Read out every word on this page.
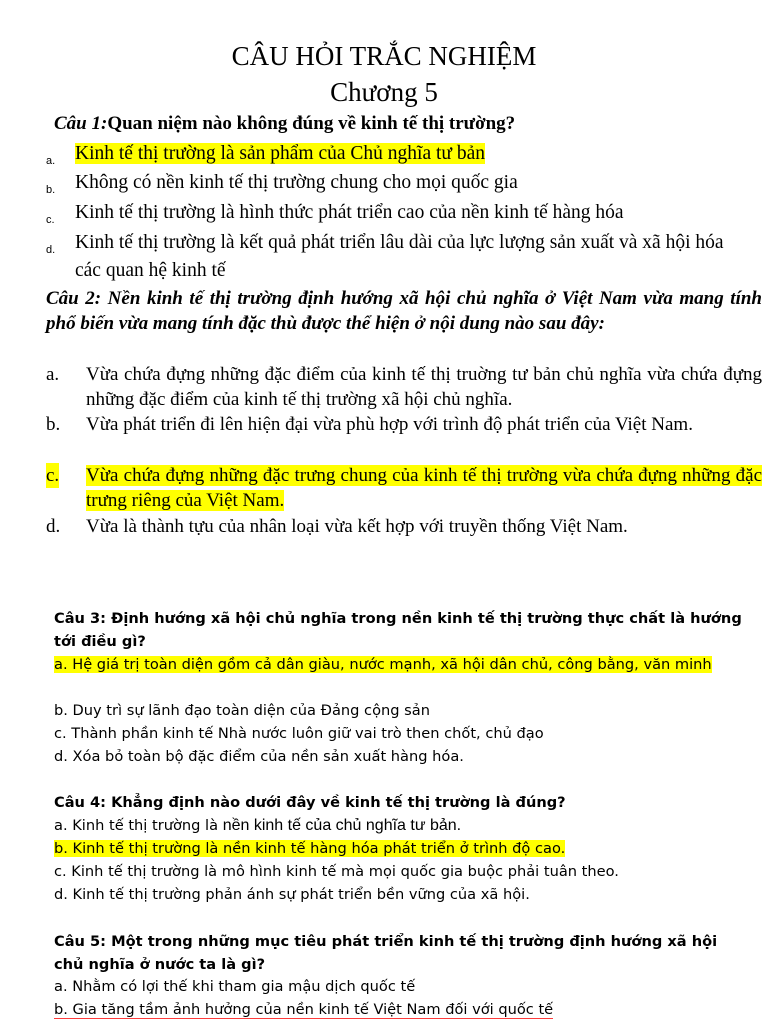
CÂU HỎI TRẮC NGHIỆM
Chương 5
Câu 1:Quan niệm nào không đúng về kinh tế thị trường?
a. Kinh tế thị trường là sản phẩm của Chủ nghĩa tư bản
b. Không có nền kinh tế thị trường chung cho mọi quốc gia
c. Kinh tế thị trường là hình thức phát triển cao của nền kinh tế hàng hóa
d. Kinh tế thị trường là kết quả phát triển lâu dài của lực lượng sản xuất và xã hội hóa các quan hệ kinh tế
Câu 2: Nền kinh tế thị trường định hướng xã hội chủ nghĩa ở Việt Nam vừa mang tính phổ biến vừa mang tính đặc thù được thể hiện ở nội dung nào sau đây:
a. Vừa chứa đựng những đặc điểm của kinh tế thị truờng tư bản chủ nghĩa vừa chứa đựng những đặc điểm của kinh tế thị trường xã hội chủ nghĩa.
b. Vừa phát triển đi lên hiện đại vừa phù hợp với trình độ phát triển của Việt Nam.
c. Vừa chứa đựng những đặc trưng chung của kinh tế thị trường vừa chứa đựng những đặc trưng riêng của Việt Nam.
d. Vừa là thành tựu của nhân loại vừa kết hợp với truyền thống Việt Nam.
Câu 3: Định hướng xã hội chủ nghĩa trong nền kinh tế thị trường thực chất là hướng tới điều gì?
a. Hệ giá trị toàn diện gồm cả dân giàu, nước mạnh, xã hội dân chủ, công bằng, văn minh
b. Duy trì sự lãnh đạo toàn diện của Đảng cộng sản
c. Thành phần kinh tế Nhà nước luôn giữ vai trò then chốt, chủ đạo
d. Xóa bỏ toàn bộ đặc điểm của nền sản xuất hàng hóa.
Câu 4: Khẳng định nào dưới đây về kinh tế thị trường là đúng?
a. Kinh tế thị trường là nền kinh tế của chủ nghĩa tư bản.
b. Kinh tế thị trường là nền kinh tế hàng hóa phát triển ở trình độ cao.
c. Kinh tế thị trường là mô hình kinh tế mà mọi quốc gia buộc phải tuân theo.
d. Kinh tế thị trường phản ánh sự phát triển bền vững của xã hội.
Câu 5: Một trong những mục tiêu phát triển kinh tế thị trường định hướng xã hội chủ nghĩa ở nước ta là gì?
a. Nhằm có lợi thế khi tham gia mậu dịch quốc tế
b. Gia tăng tầm ảnh hưởng của nền kinh tế Việt Nam đối với quốc tế
